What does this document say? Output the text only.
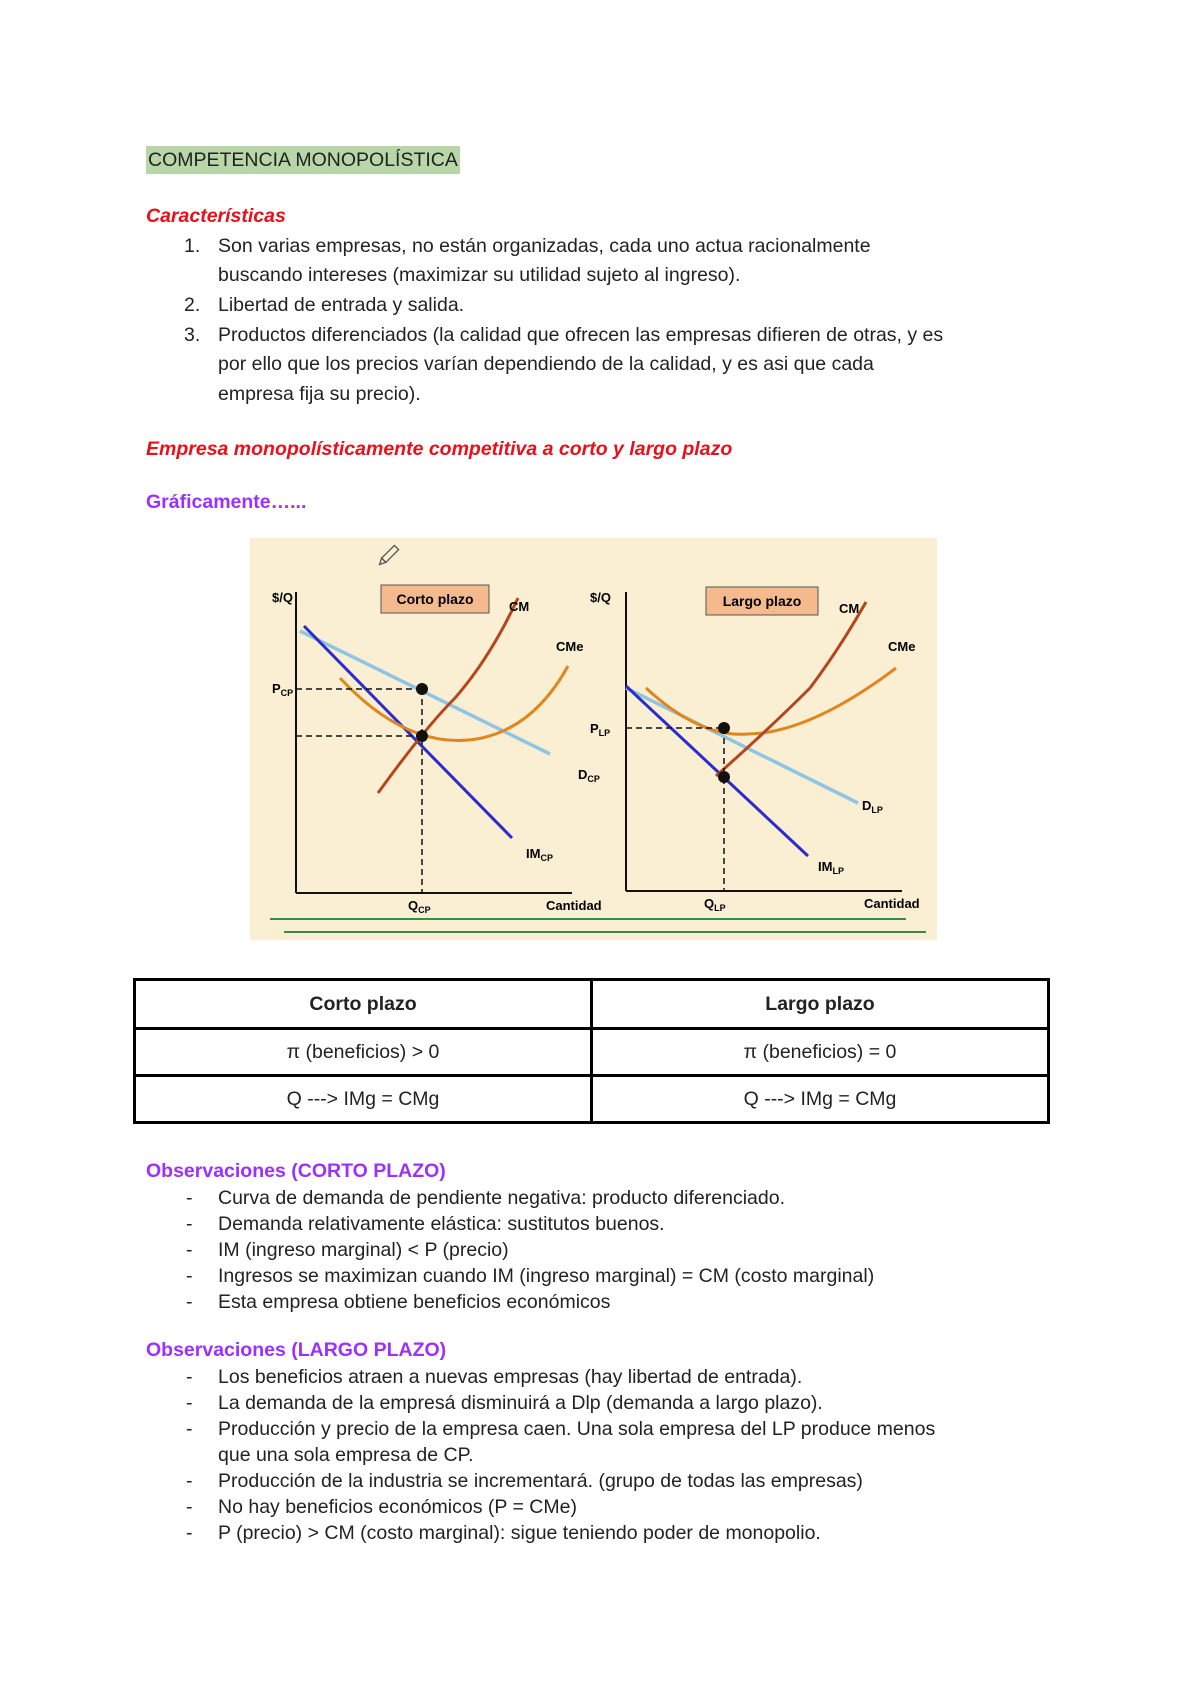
COMPETENCIA MONOPOLÍSTICA
Características
1. Son varias empresas, no están organizadas, cada uno actua racionalmente
buscando intereses (maximizar su utilidad sujeto al ingreso).
2. Libertad de entrada y salida.
3. Productos diferenciados (la calidad que ofrecen las empresas difieren de otras, y es
por ello que los precios varían dependiendo de la calidad, y es asi que cada
empresa fija su precio).
Empresa monopolísticamente competitiva a corto y largo plazo
Gráficamente…...
$/Q	Corto plazo
$P_{CP}$
CM
CMe
$D_{CP}$
$IM_{CP}$
$Q_{CP}$	Cantidad
$/Q	Largo plazo
$P_{LP}$
CM
CMe
$D_{LP}$
$IM_{LP}$
$Q_{LP}$	Cantidad
Corto plazo	Largo plazo
π (beneficios) > 0	π (beneficios) = 0
Q ---> IMg = CMg	Q ---> IMg = CMg
Observaciones (CORTO PLAZO)
- Curva de demanda de pendiente negativa: producto diferenciado.
- Demanda relativamente elástica: sustitutos buenos.
- IM (ingreso marginal) < P (precio)
- Ingresos se maximizan cuando IM (ingreso marginal) = CM (costo marginal)
- Esta empresa obtiene beneficios económicos
Observaciones (LARGO PLAZO)
- Los beneficios atraen a nuevas empresas (hay libertad de entrada).
- La demanda de la empresá disminuirá a Dlp (demanda a largo plazo).
- Producción y precio de la empresa caen. Una sola empresa del LP produce menos
que una sola empresa de CP.
- Producción de la industria se incrementará. (grupo de todas las empresas)
- No hay beneficios económicos (P = CMe)
- P (precio) > CM (costo marginal): sigue teniendo poder de monopolio.
